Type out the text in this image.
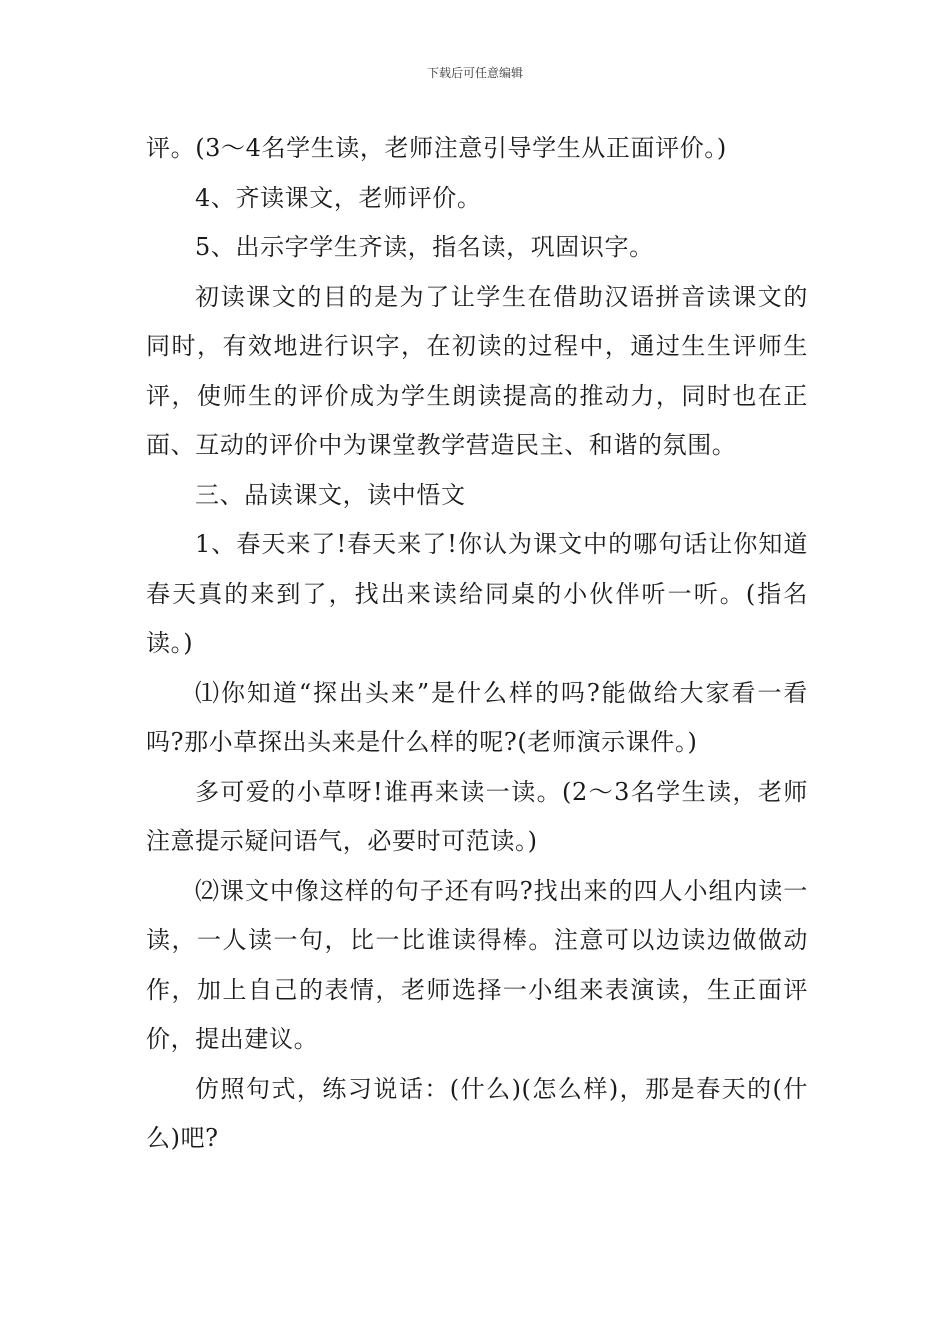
下载后可任意编辑

评。(3～4名学生读，老师注意引导学生从正面评价。)

4、齐读课文，老师评价。

5、出示字学生齐读，指名读，巩固识字。

初读课文的目的是为了让学生在借助汉语拼音读课文的同时，有效地进行识字，在初读的过程中，通过生生评师生评，使师生的评价成为学生朗读提高的推动力，同时也在正面、互动的评价中为课堂教学营造民主、和谐的氛围。

三、品读课文，读中悟文

1、春天来了!春天来了!你认为课文中的哪句话让你知道春天真的来到了，找出来读给同桌的小伙伴听一听。(指名读。)

⑴你知道“探出头来”是什么样的吗?能做给大家看一看吗?那小草探出头来是什么样的呢?(老师演示课件。)

多可爱的小草呀!谁再来读一读。(2～3名学生读，老师注意提示疑问语气，必要时可范读。)

⑵课文中像这样的句子还有吗?找出来的四人小组内读一读，一人读一句，比一比谁读得棒。注意可以边读边做做动作，加上自己的表情，老师选择一小组来表演读，生正面评价，提出建议。

仿照句式，练习说话：(什么)(怎么样)，那是春天的(什么)吧?
